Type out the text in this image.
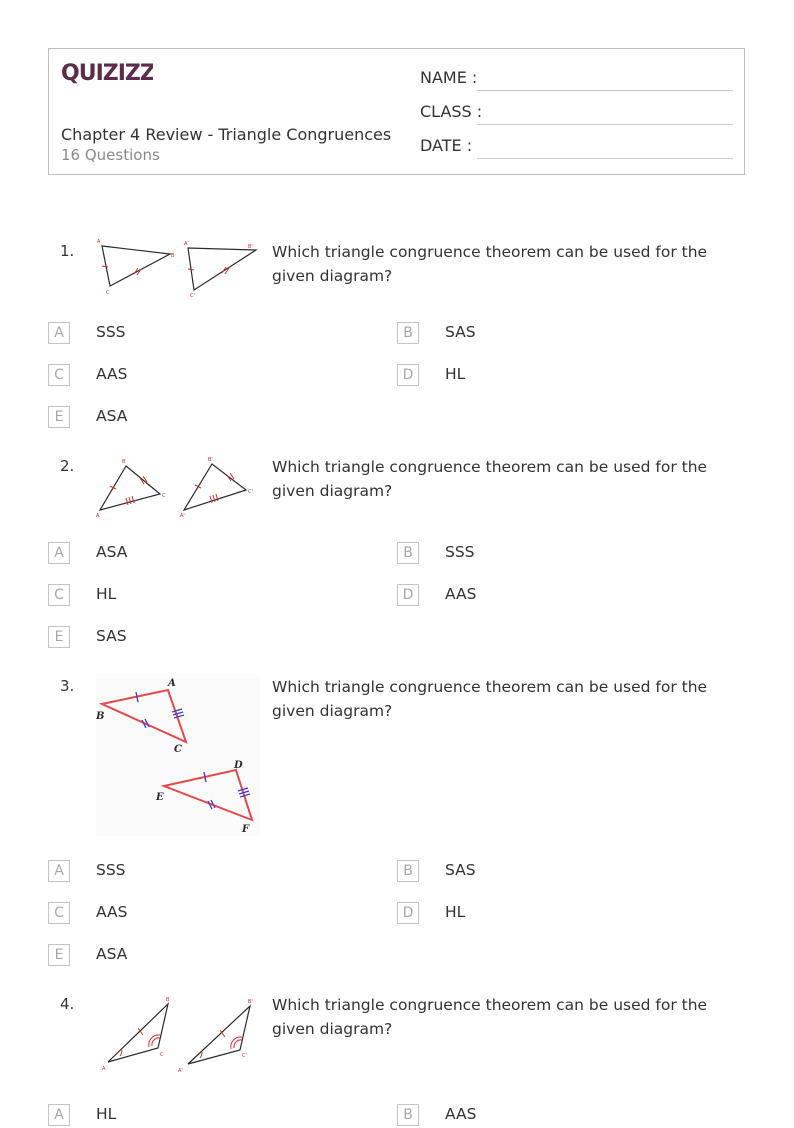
QUIZIZZ
Chapter 4 Review - Triangle Congruences
16 Questions
NAME :
CLASS :
DATE :
1.	A
B
C
A'	B'
C'
Which triangle congruence theorem can be used for the given diagram?
A	SSS	B	SAS
C	AAS	D	HL
E	ASA
2.
A
B
C
A'
B'
C'
Which triangle congruence theorem can be used for the given diagram?
A	ASA	B	SSS
C	HL	D	AAS
E	SAS
3.	A
B
C
D
E
F
Which triangle congruence theorem can be used for the given diagram?
A	SSS	B	SAS
C	AAS	D	HL
E	ASA
4.
A
B
C
A'
B'
C'
Which triangle congruence theorem can be used for the given diagram?
A	HL	B	AAS
